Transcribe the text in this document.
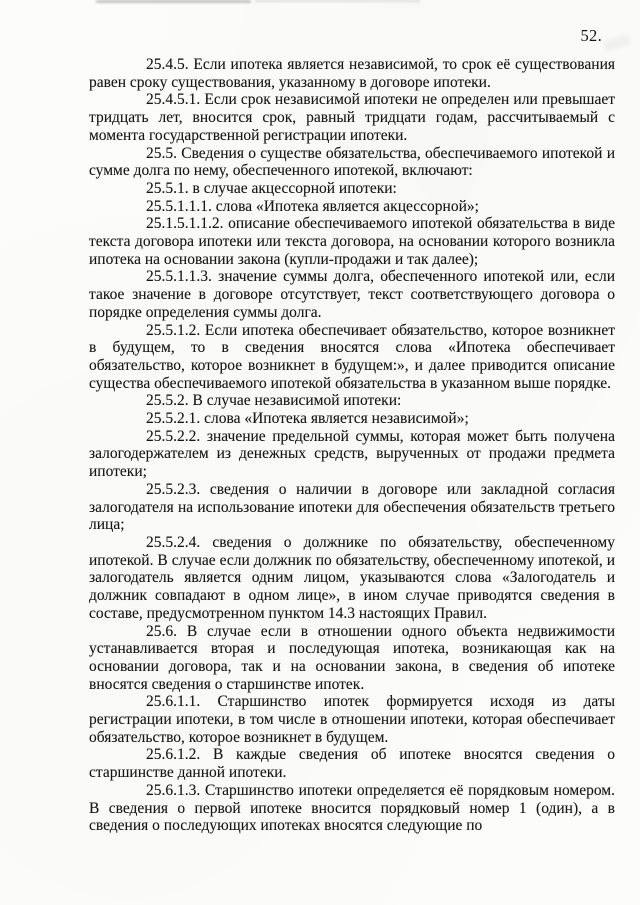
52.

25.4.5. Если ипотека является независимой, то срок её существования равен сроку существования, указанному в договоре ипотеки.

25.4.5.1. Если срок независимой ипотеки не определен или превышает тридцать лет, вносится срок, равный тридцати годам, рассчитываемый с момента государственной регистрации ипотеки.

25.5. Сведения о существе обязательства, обеспечиваемого ипотекой и сумме долга по нему, обеспеченного ипотекой, включают:

25.5.1. в случае акцессорной ипотеки:

25.5.1.1.1. слова «Ипотека является акцессорной»;

25.1.5.1.1.2. описание обеспечиваемого ипотекой обязательства в виде текста договора ипотеки или текста договора, на основании которого возникла ипотека на основании закона (купли-продажи и так далее);

25.5.1.1.3. значение суммы долга, обеспеченного ипотекой или, если такое значение в договоре отсутствует, текст соответствующего договора о порядке определения суммы долга.

25.5.1.2. Если ипотека обеспечивает обязательство, которое возникнет в будущем, то в сведения вносятся слова «Ипотека обеспечивает обязательство, которое возникнет в будущем:», и далее приводится описание существа обеспечиваемого ипотекой обязательства в указанном выше порядке.

25.5.2. В случае независимой ипотеки:

25.5.2.1. слова «Ипотека является независимой»;

25.5.2.2. значение предельной суммы, которая может быть получена залогодержателем из денежных средств, вырученных от продажи предмета ипотеки;

25.5.2.3. сведения о наличии в договоре или закладной согласия залогодателя на использование ипотеки для обеспечения обязательств третьего лица;

25.5.2.4. сведения о должнике по обязательству, обеспеченному ипотекой. В случае если должник по обязательству, обеспеченному ипотекой, и залогодатель является одним лицом, указываются слова «Залогодатель и должник совпадают в одном лице», в ином случае приводятся сведения в составе, предусмотренном пунктом 14.3 настоящих Правил.

25.6. В случае если в отношении одного объекта недвижимости устанавливается вторая и последующая ипотека, возникающая как на основании договора, так и на основании закона, в сведения об ипотеке вносятся сведения о старшинстве ипотек.

25.6.1.1. Старшинство ипотек формируется исходя из даты регистрации ипотеки, в том числе в отношении ипотеки, которая обеспечивает обязательство, которое возникнет в будущем.

25.6.1.2. В каждые сведения об ипотеке вносятся сведения о старшинстве данной ипотеки.

25.6.1.3. Старшинство ипотеки определяется её порядковым номером. В сведения о первой ипотеке вносится порядковый номер 1 (один), а в сведения о последующих ипотеках вносятся следующие по
